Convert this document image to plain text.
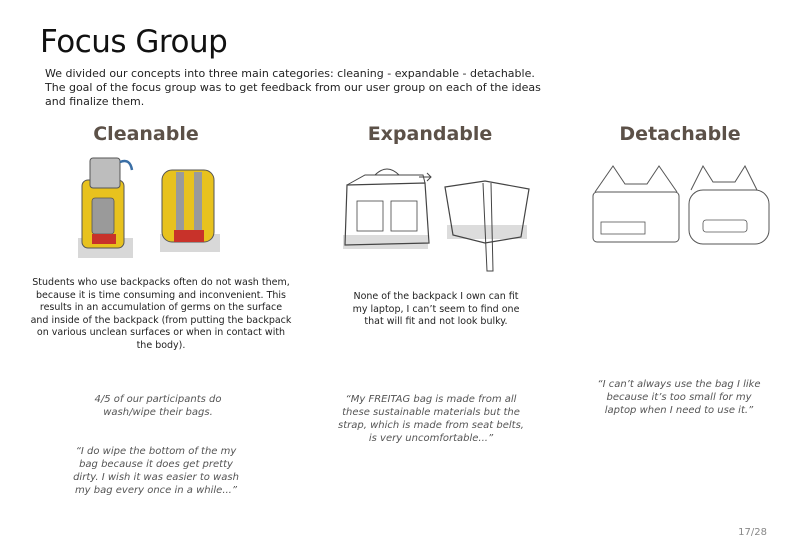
Focus Group

We divided our concepts into three main categories: cleaning - expandable - detachable.

The goal of the focus group was to get feedback from our user group on each of the ideas

and finalize them.

Cleanable	Expandable	Detachable
Students who use backpacks often do not wash them, because it is time consuming and inconvenient. This results in an accumulation of germs on the surface and inside of the backpack (from putting the backpack on various unclean surfaces or when in contact with the body).
None of the backpack I own can fit my laptop, I can’t seem to find one that will fit and not look bulky.
4/5 of our participants do wash/wipe their bags.
“I do wipe the bottom of the my bag because it does get pretty dirty. I wish it was easier to wash my bag every once in a while...”
“My FREITAG bag is made from all these sustainable materials but the strap, which is made from seat belts, is very uncomfortable...”
“I can’t always use the bag I like because it’s too small for my laptop when I need to use it.”
17/28
